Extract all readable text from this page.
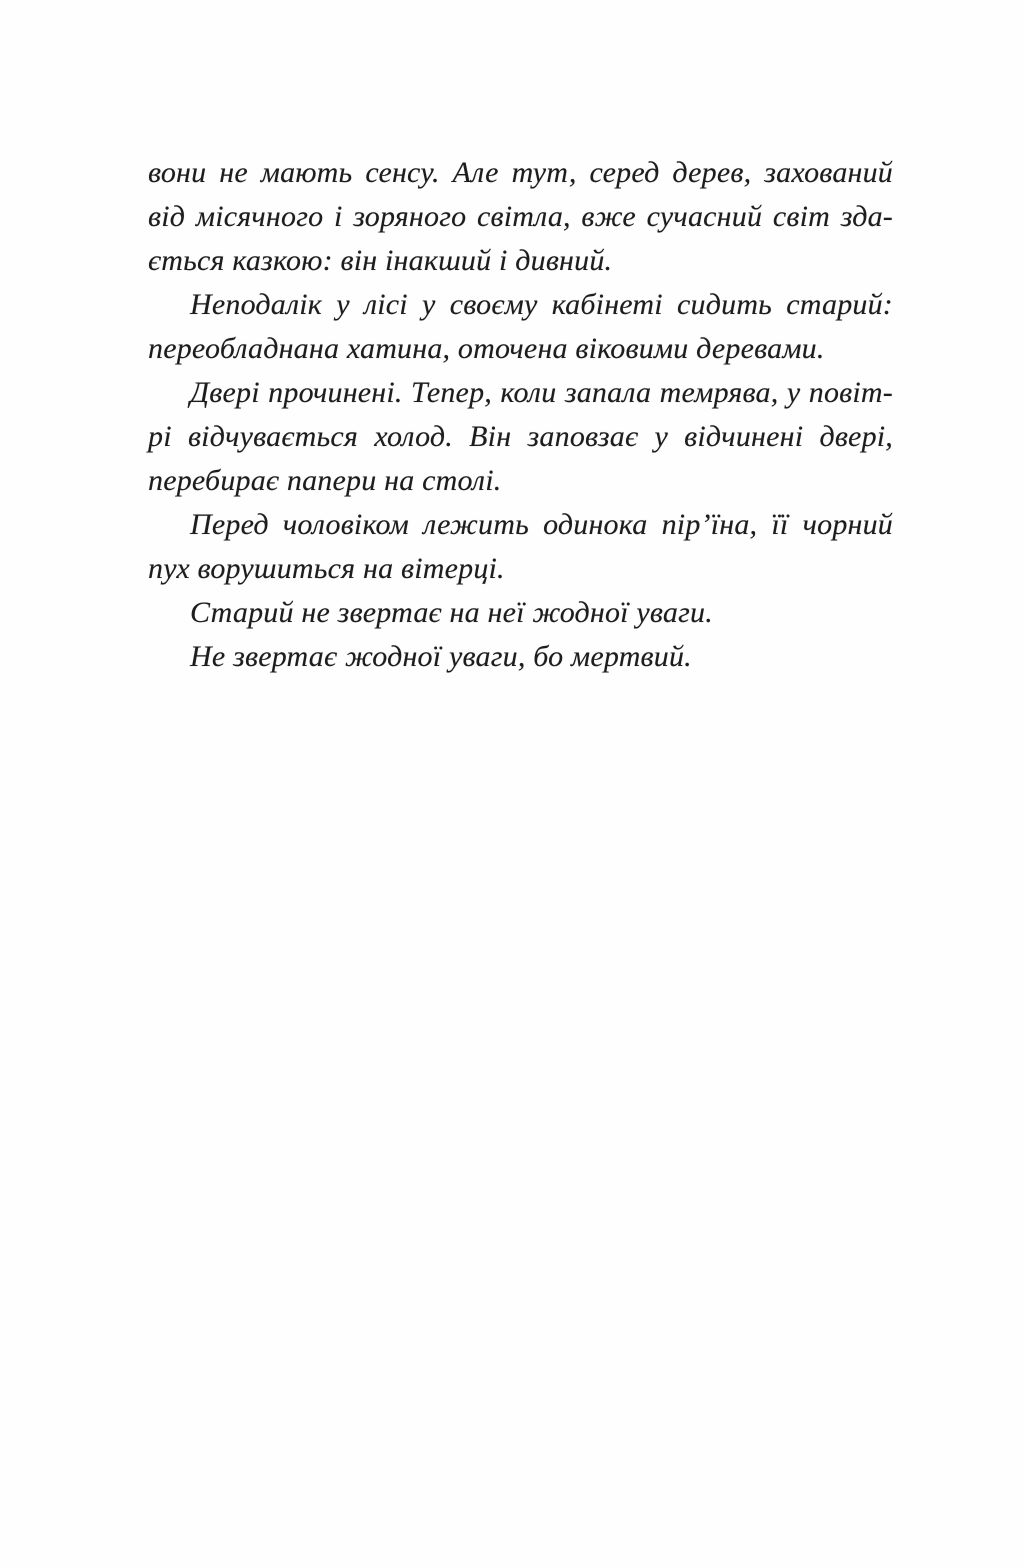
вони не мають сенсу. Але тут, серед дерев, захований
від місячного і зоряного світла, вже сучасний світ зда-
ється казкою: він інакший і дивний.
Неподалік у лісі у своєму кабінеті сидить старий:
переобладнана хатина, оточена віковими деревами.
Двері прочинені. Тепер, коли запала темрява, у повіт-
рі відчувається холод. Він заповзає у відчинені двері,
перебирає папери на столі.
Перед чоловіком лежить одинока пір’їна, її чорний
пух ворушиться на вітерці.
Старий не звертає на неї жодної уваги.
Не звертає жодної уваги, бо мертвий.
